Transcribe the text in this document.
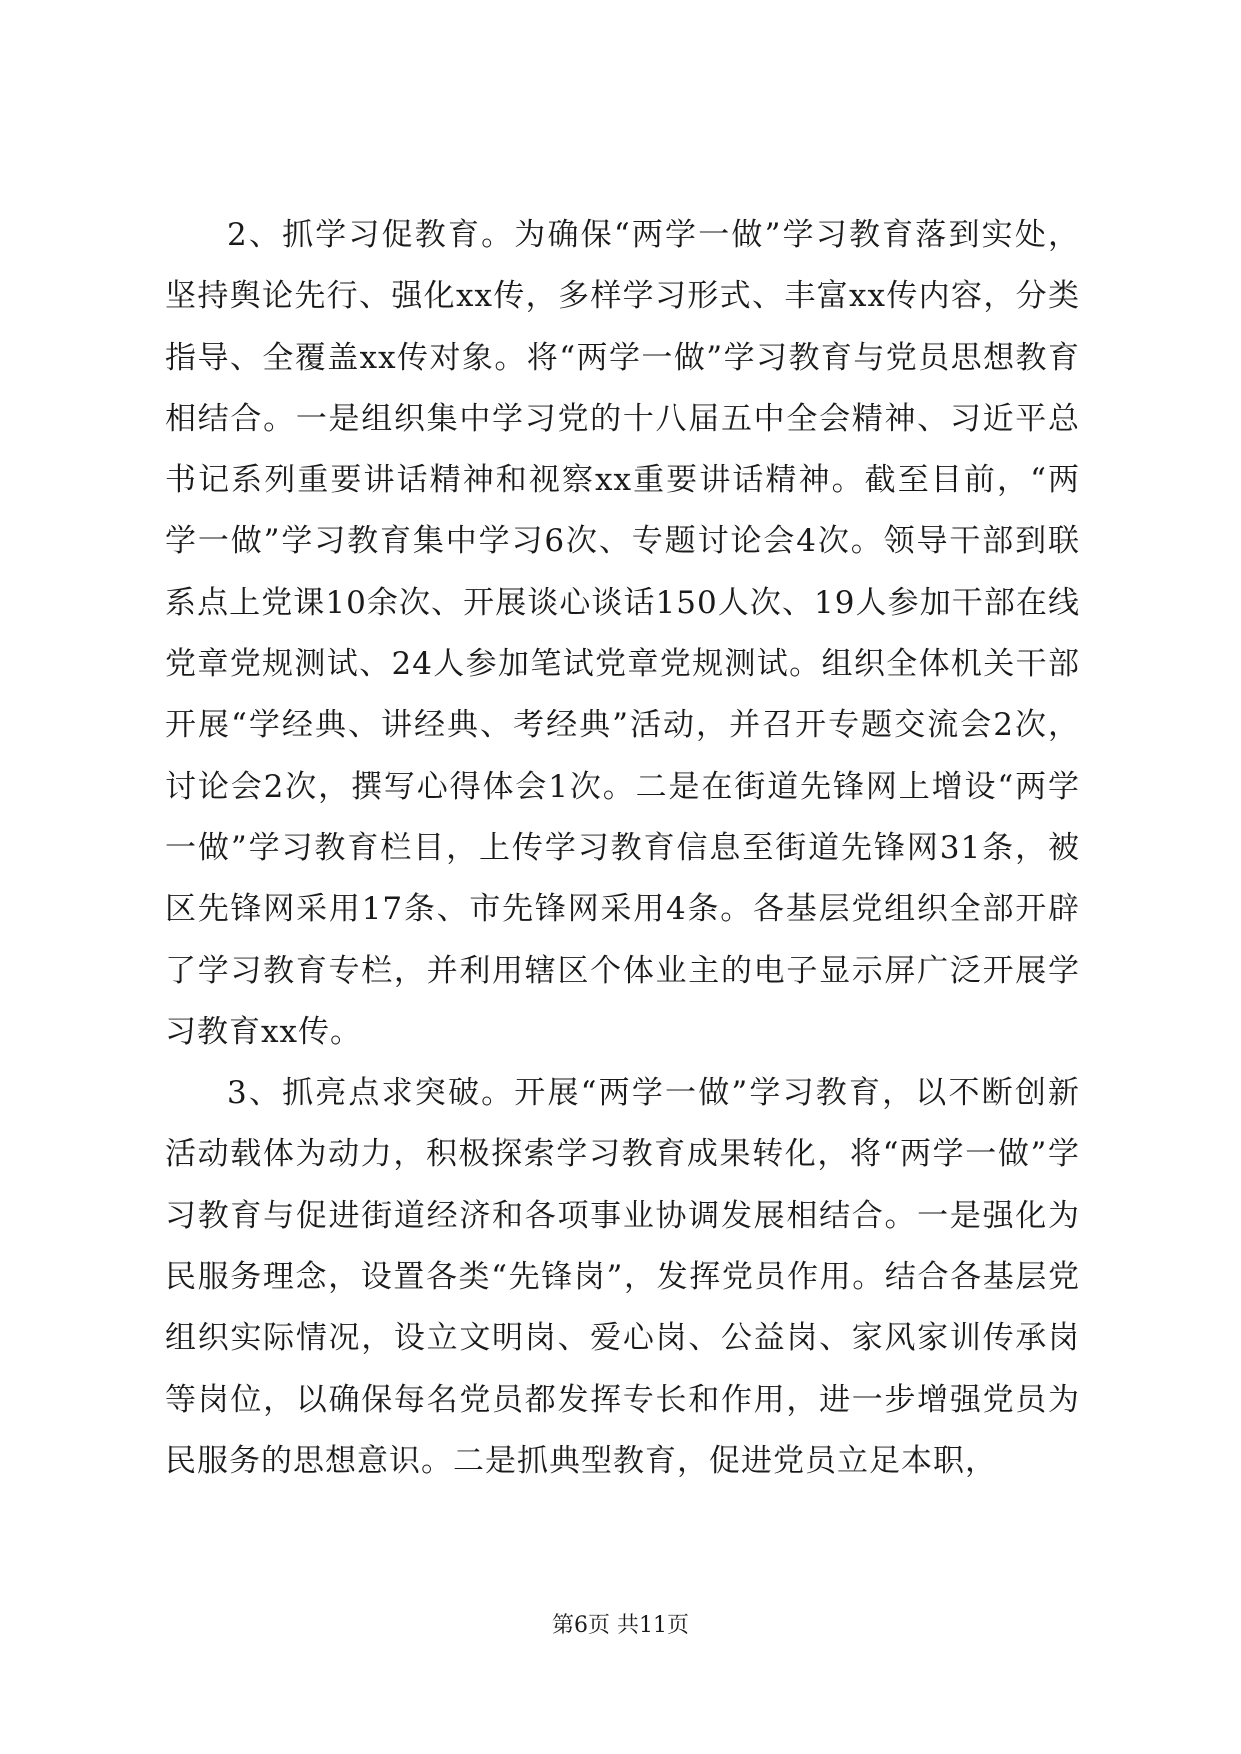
2、抓学习促教育。为确保“两学一做”学习教育落到实处，坚持舆论先行、强化xx传，多样学习形式、丰富xx传内容，分类指导、全覆盖xx传对象。将“两学一做”学习教育与党员思想教育相结合。一是组织集中学习党的十八届五中全会精神、习近平总书记系列重要讲话精神和视察xx重要讲话精神。截至目前，“两学一做”学习教育集中学习6次、专题讨论会4次。领导干部到联系点上党课10余次、开展谈心谈话150人次、19人参加干部在线党章党规测试、24人参加笔试党章党规测试。组织全体机关干部开展“学经典、讲经典、考经典”活动，并召开专题交流会2次，讨论会2次，撰写心得体会1次。二是在街道先锋网上增设“两学一做”学习教育栏目，上传学习教育信息至街道先锋网31条，被区先锋网采用17条、市先锋网采用4条。各基层党组织全部开辟了学习教育专栏，并利用辖区个体业主的电子显示屏广泛开展学习教育xx传。

3、抓亮点求突破。开展“两学一做”学习教育，以不断创新活动载体为动力，积极探索学习教育成果转化，将“两学一做”学习教育与促进街道经济和各项事业协调发展相结合。一是强化为民服务理念，设置各类“先锋岗”，发挥党员作用。结合各基层党组织实际情况，设立文明岗、爱心岗、公益岗、家风家训传承岗等岗位，以确保每名党员都发挥专长和作用，进一步增强党员为民服务的思想意识。二是抓典型教育，促进党员立足本职，

第6页 共11页
